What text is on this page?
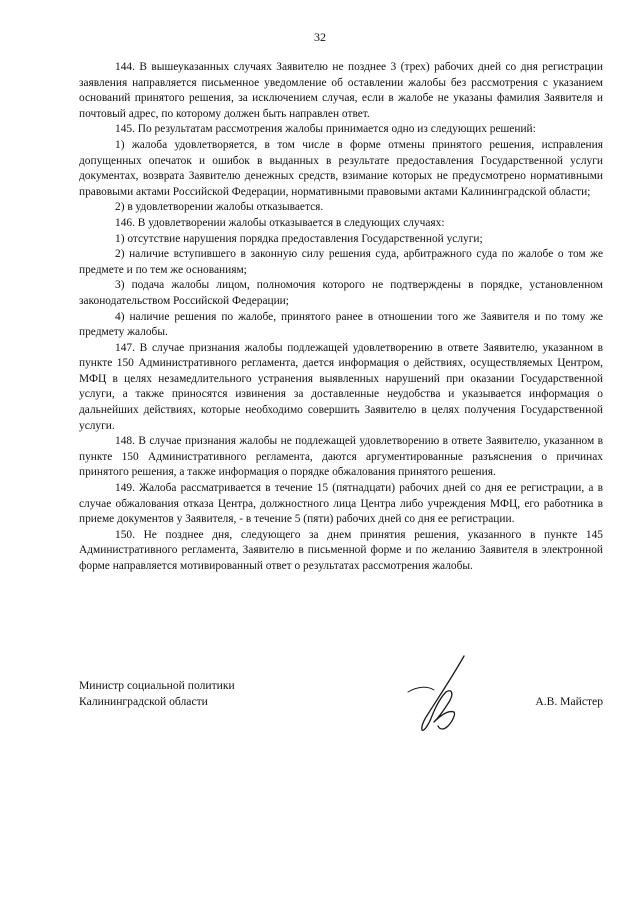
32

144. В вышеуказанных случаях Заявителю не позднее 3 (трех) рабочих дней со дня регистрации заявления направляется письменное уведомление об оставлении жалобы без рассмотрения с указанием оснований принятого решения, за исключением случая, если в жалобе не указаны фамилия Заявителя и почтовый адрес, по которому должен быть направлен ответ.

145. По результатам рассмотрения жалобы принимается одно из следующих решений:

1) жалоба удовлетворяется, в том числе в форме отмены принятого решения, исправления допущенных опечаток и ошибок в выданных в результате предоставления Государственной услуги документах, возврата Заявителю денежных средств, взимание которых не предусмотрено нормативными правовыми актами Российской Федерации, нормативными правовыми актами Калининградской области;

2) в удовлетворении жалобы отказывается.

146. В удовлетворении жалобы отказывается в следующих случаях:

1) отсутствие нарушения порядка предоставления Государственной услуги;

2) наличие вступившего в законную силу решения суда, арбитражного суда по жалобе о том же предмете и по тем же основаниям;

3) подача жалобы лицом, полномочия которого не подтверждены в порядке, установленном законодательством Российской Федерации;

4) наличие решения по жалобе, принятого ранее в отношении того же Заявителя и по тому же предмету жалобы.

147. В случае признания жалобы подлежащей удовлетворению в ответе Заявителю, указанном в пункте 150 Административного регламента, дается информация о действиях, осуществляемых Центром, МФЦ в целях незамедлительного устранения выявленных нарушений при оказании Государственной услуги, а также приносятся извинения за доставленные неудобства и указывается информация о дальнейших действиях, которые необходимо совершить Заявителю в целях получения Государственной услуги.

148. В случае признания жалобы не подлежащей удовлетворению в ответе Заявителю, указанном в пункте 150 Административного регламента, даются аргументированные разъяснения о причинах принятого решения, а также информация о порядке обжалования принятого решения.

149. Жалоба рассматривается в течение 15 (пятнадцати) рабочих дней со дня ее регистрации, а в случае обжалования отказа Центра, должностного лица Центра либо учреждения МФЦ, его работника в приеме документов у Заявителя, - в течение 5 (пяти) рабочих дней со дня ее регистрации.

150. Не позднее дня, следующего за днем принятия решения, указанного в пункте 145 Административного регламента, Заявителю в письменной форме и по желанию Заявителя в электронной форме направляется мотивированный ответ о результатах рассмотрения жалобы.

Министр социальной политики
Калининградской области	А.В. Майстер
